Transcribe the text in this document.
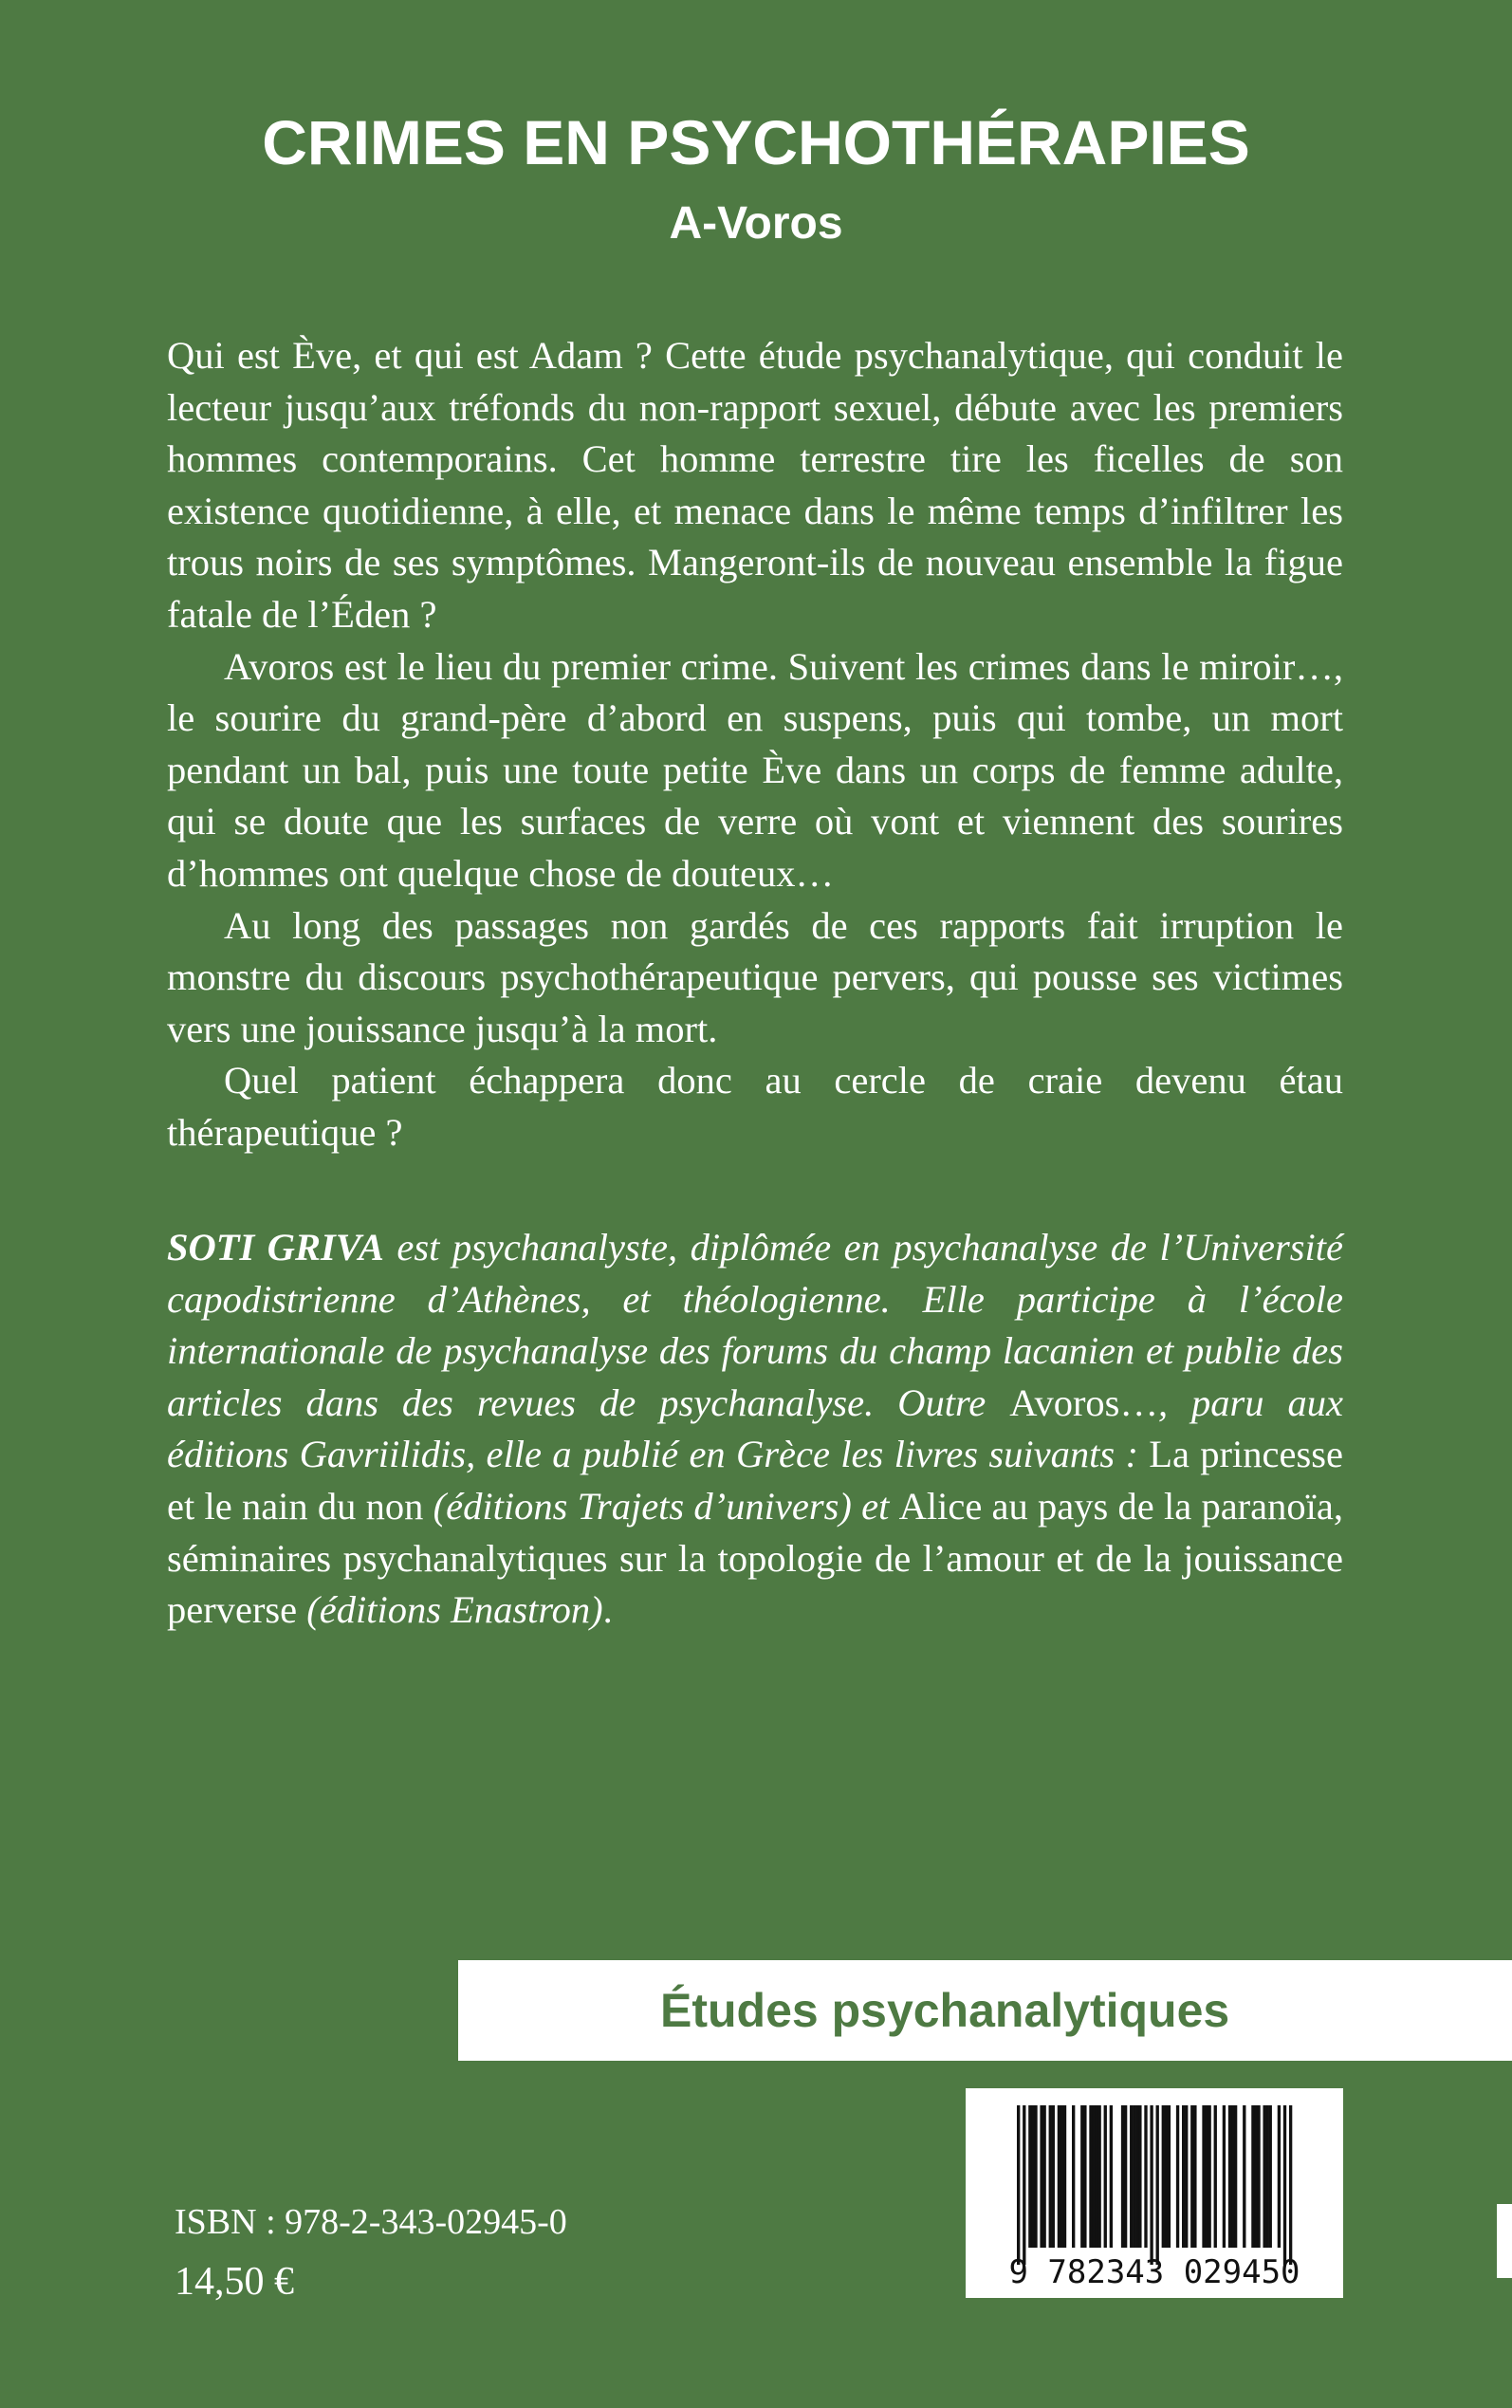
CRIMES EN PSYCHOTHÉRAPIES
A-Voros

Qui est Ève, et qui est Adam ? Cette étude psychanalytique, qui conduit le lecteur jusqu’aux tréfonds du non-rapport sexuel, débute avec les premiers hommes contemporains. Cet homme terrestre tire les ficelles de son existence quotidienne, à elle, et menace dans le même temps d’infiltrer les trous noirs de ses symptômes. Mangeront-ils de nouveau ensemble la figue fatale de l’Éden ?

Avoros est le lieu du premier crime. Suivent les crimes dans le miroir…, le sourire du grand-père d’abord en suspens, puis qui tombe, un mort pendant un bal, puis une toute petite Ève dans un corps de femme adulte, qui se doute que les surfaces de verre où vont et viennent des sourires d’hommes ont quelque chose de douteux…

Au long des passages non gardés de ces rapports fait irruption le monstre du discours psychothérapeutique pervers, qui pousse ses victimes vers une jouissance jusqu’à la mort.

Quel patient échappera donc au cercle de craie devenu étau thérapeutique ?

SOTI GRIVA est psychanalyste, diplômée en psychanalyse de l’Université capodistrienne d’Athènes, et théologienne. Elle participe à l’école internationale de psychanalyse des forums du champ lacanien et publie des articles dans des revues de psychanalyse. Outre Avoros…, paru aux éditions Gavriilidis, elle a publié en Grèce les livres suivants : La princesse et le nain du non (éditions Trajets d’univers) et Alice au pays de la paranoïa, séminaires psychanalytiques sur la topologie de l’amour et de la jouissance perverse (éditions Enastron).
Études psychanalytiques
9 782343 029450
ISBN : 978-2-343-02945-0
14,50 €
